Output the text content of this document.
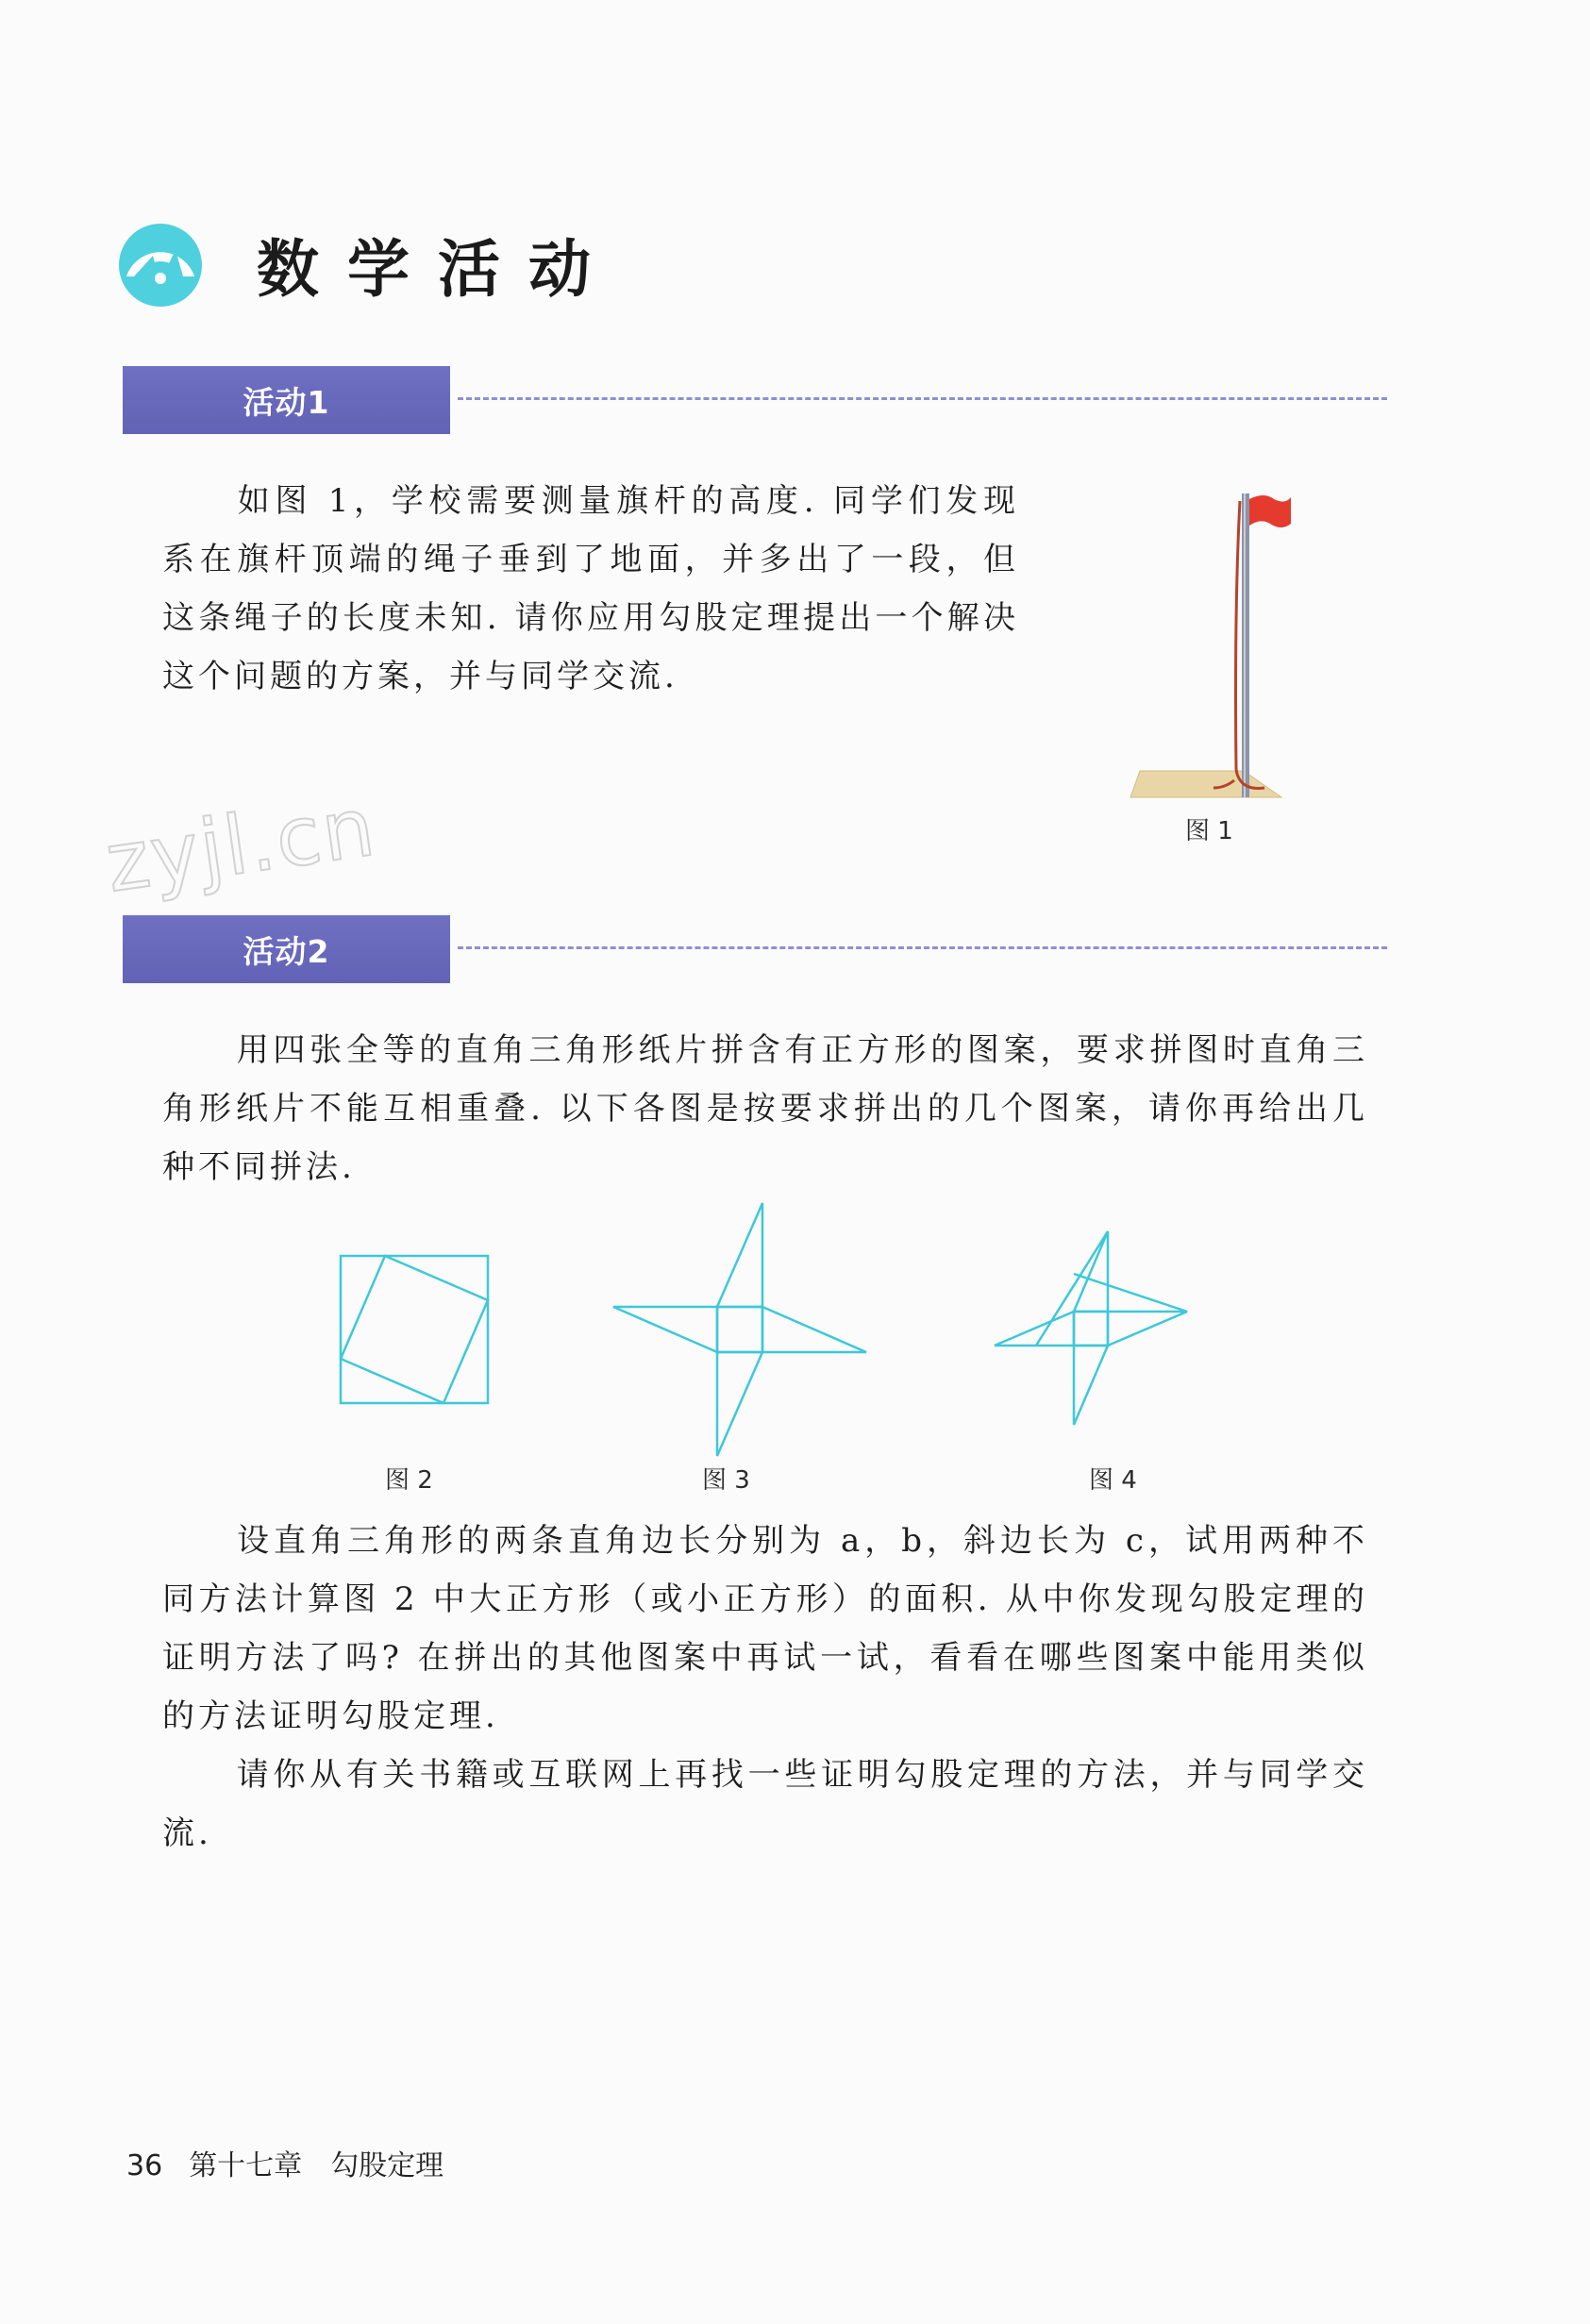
数学活动
活动1
如图 1，学校需要测量旗杆的高度. 同学们发现系在旗杆顶端的绳子垂到了地面，并多出了一段，但这条绳子的长度未知. 请你应用勾股定理提出一个解决这个问题的方案，并与同学交流.
图 1
zyjl.cn
活动2
用四张全等的直角三角形纸片拼含有正方形的图案，要求拼图时直角三角形纸片不能互相重叠. 以下各图是按要求拼出的几个图案，请你再给出几种不同拼法.
图 2	图 3	图 4
设直角三角形的两条直角边长分别为 a，b，斜边长为 c，试用两种不同方法计算图 2 中大正方形（或小正方形）的面积. 从中你发现勾股定理的证明方法了吗? 在拼出的其他图案中再试一试，看看在哪些图案中能用类似的方法证明勾股定理.
请你从有关书籍或互联网上再找一些证明勾股定理的方法，并与同学交流.
36 第十七章 勾股定理
